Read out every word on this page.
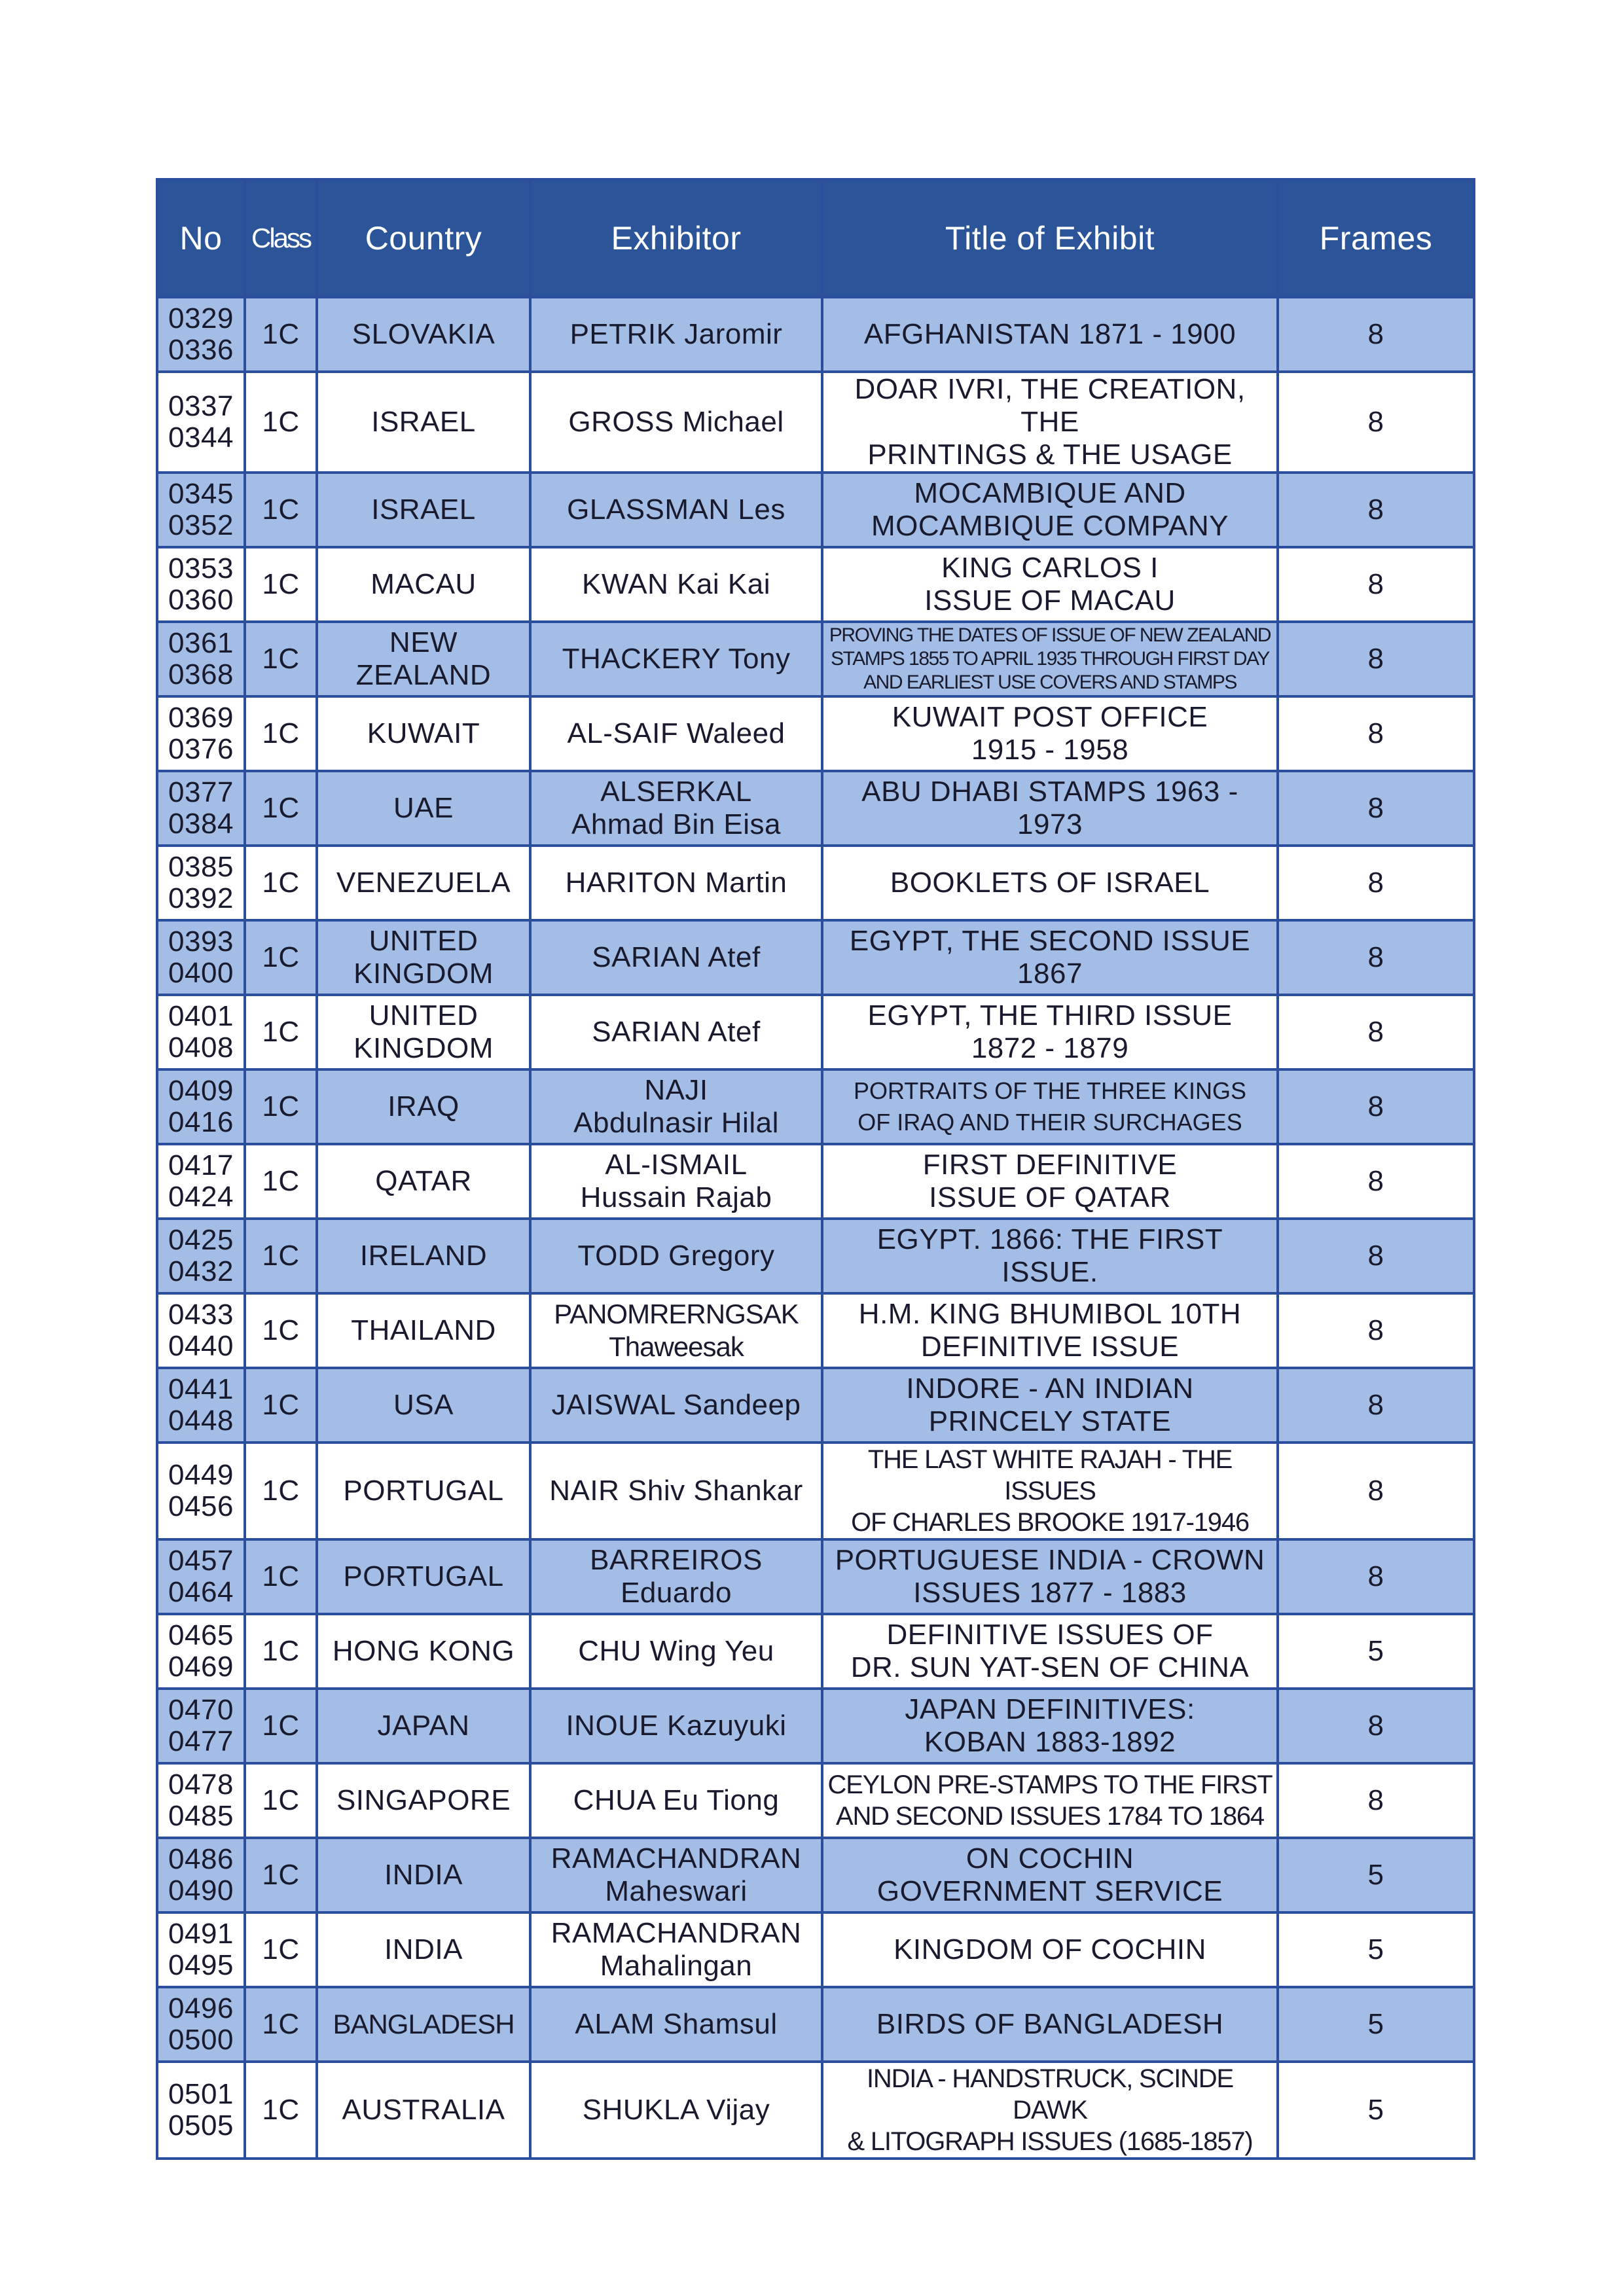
No	Class	Country	Exhibitor	Title of Exhibit	Frames

0329
0336	1C	SLOVAKIA	PETRIK Jaromir	AFGHANISTAN 1871 - 1900	8

0337
0344	1C	ISRAEL	GROSS Michael	DOAR IVRI, THE CREATION, THE
PRINTINGS & THE USAGE	8

0345
0352	1C	ISRAEL	GLASSMAN Les	MOCAMBIQUE AND
MOCAMBIQUE COMPANY	8

0353
0360	1C	MACAU	KWAN Kai Kai	KING CARLOS I
ISSUE OF MACAU	8

0361
0368	1C	NEW
ZEALAND	THACKERY Tony	PROVING THE DATES OF ISSUE OF NEW ZEALAND
STAMPS 1855 TO APRIL 1935 THROUGH FIRST DAY
AND EARLIEST USE COVERS AND STAMPS	8

0369
0376	1C	KUWAIT	AL-SAIF Waleed	KUWAIT POST OFFICE
1915 - 1958	8

0377
0384	1C	UAE	ALSERKAL
Ahmad Bin Eisa	ABU DHABI STAMPS 1963 - 1973	8

0385
0392	1C	VENEZUELA	HARITON Martin	BOOKLETS OF ISRAEL	8

0393
0400	1C	UNITED
KINGDOM	SARIAN Atef	EGYPT, THE SECOND ISSUE 1867	8

0401
0408	1C	UNITED
KINGDOM	SARIAN Atef	EGYPT, THE THIRD ISSUE
1872 - 1879	8

0409
0416	1C	IRAQ	NAJI
Abdulnasir Hilal	PORTRAITS OF THE THREE KINGS
OF IRAQ AND THEIR SURCHAGES	8

0417
0424	1C	QATAR	AL-ISMAIL
Hussain Rajab	FIRST DEFINITIVE
ISSUE OF QATAR	8

0425
0432	1C	IRELAND	TODD Gregory	EGYPT. 1866: THE FIRST ISSUE.	8

0433
0440	1C	THAILAND	PANOMRERNGSAK
Thaweesak	H.M. KING BHUMIBOL 10TH
DEFINITIVE ISSUE	8

0441
0448	1C	USA	JAISWAL Sandeep	INDORE - AN INDIAN
PRINCELY STATE	8

0449
0456	1C	PORTUGAL	NAIR Shiv Shankar	THE LAST WHITE RAJAH - THE ISSUES
OF CHARLES BROOKE 1917-1946	8

0457
0464	1C	PORTUGAL	BARREIROS
Eduardo	PORTUGUESE INDIA - CROWN
ISSUES 1877 - 1883	8

0465
0469	1C	HONG KONG	CHU Wing Yeu	DEFINITIVE ISSUES OF
DR. SUN YAT-SEN OF CHINA	5

0470
0477	1C	JAPAN	INOUE Kazuyuki	JAPAN DEFINITIVES:
KOBAN 1883-1892	8

0478
0485	1C	SINGAPORE	CHUA Eu Tiong	CEYLON PRE-STAMPS TO THE FIRST
AND SECOND ISSUES 1784 TO 1864	8

0486
0490	1C	INDIA	RAMACHANDRAN
Maheswari	ON COCHIN
GOVERNMENT SERVICE	5

0491
0495	1C	INDIA	RAMACHANDRAN
Mahalingan	KINGDOM OF COCHIN	5

0496
0500	1C	BANGLADESH	ALAM Shamsul	BIRDS OF BANGLADESH	5

0501
0505	1C	AUSTRALIA	SHUKLA Vijay	INDIA - HANDSTRUCK, SCINDE DAWK
& LITOGRAPH ISSUES (1685-1857)	5
